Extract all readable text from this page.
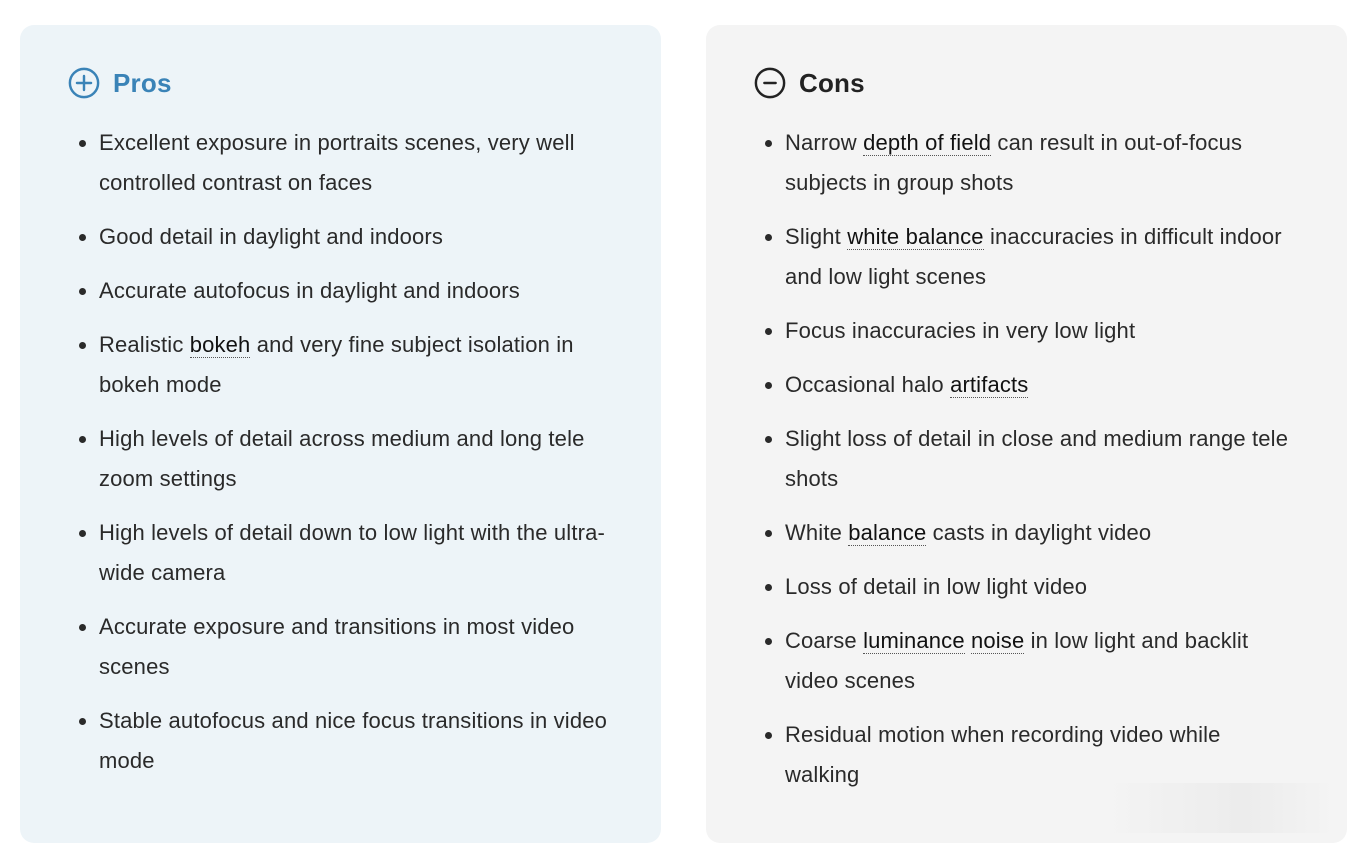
Pros
Excellent exposure in portraits scenes, very well controlled contrast on faces
Good detail in daylight and indoors
Accurate autofocus in daylight and indoors
Realistic bokeh and very fine subject isolation in bokeh mode
High levels of detail across medium and long tele zoom settings
High levels of detail down to low light with the ultra-wide camera
Accurate exposure and transitions in most video scenes
Stable autofocus and nice focus transitions in video mode
Cons
Narrow depth of field can result in out-of-focus subjects in group shots
Slight white balance inaccuracies in difficult indoor and low light scenes
Focus inaccuracies in very low light
Occasional halo artifacts
Slight loss of detail in close and medium range tele shots
White balance casts in daylight video
Loss of detail in low light video
Coarse luminance noise in low light and backlit video scenes
Residual motion when recording video while walking
